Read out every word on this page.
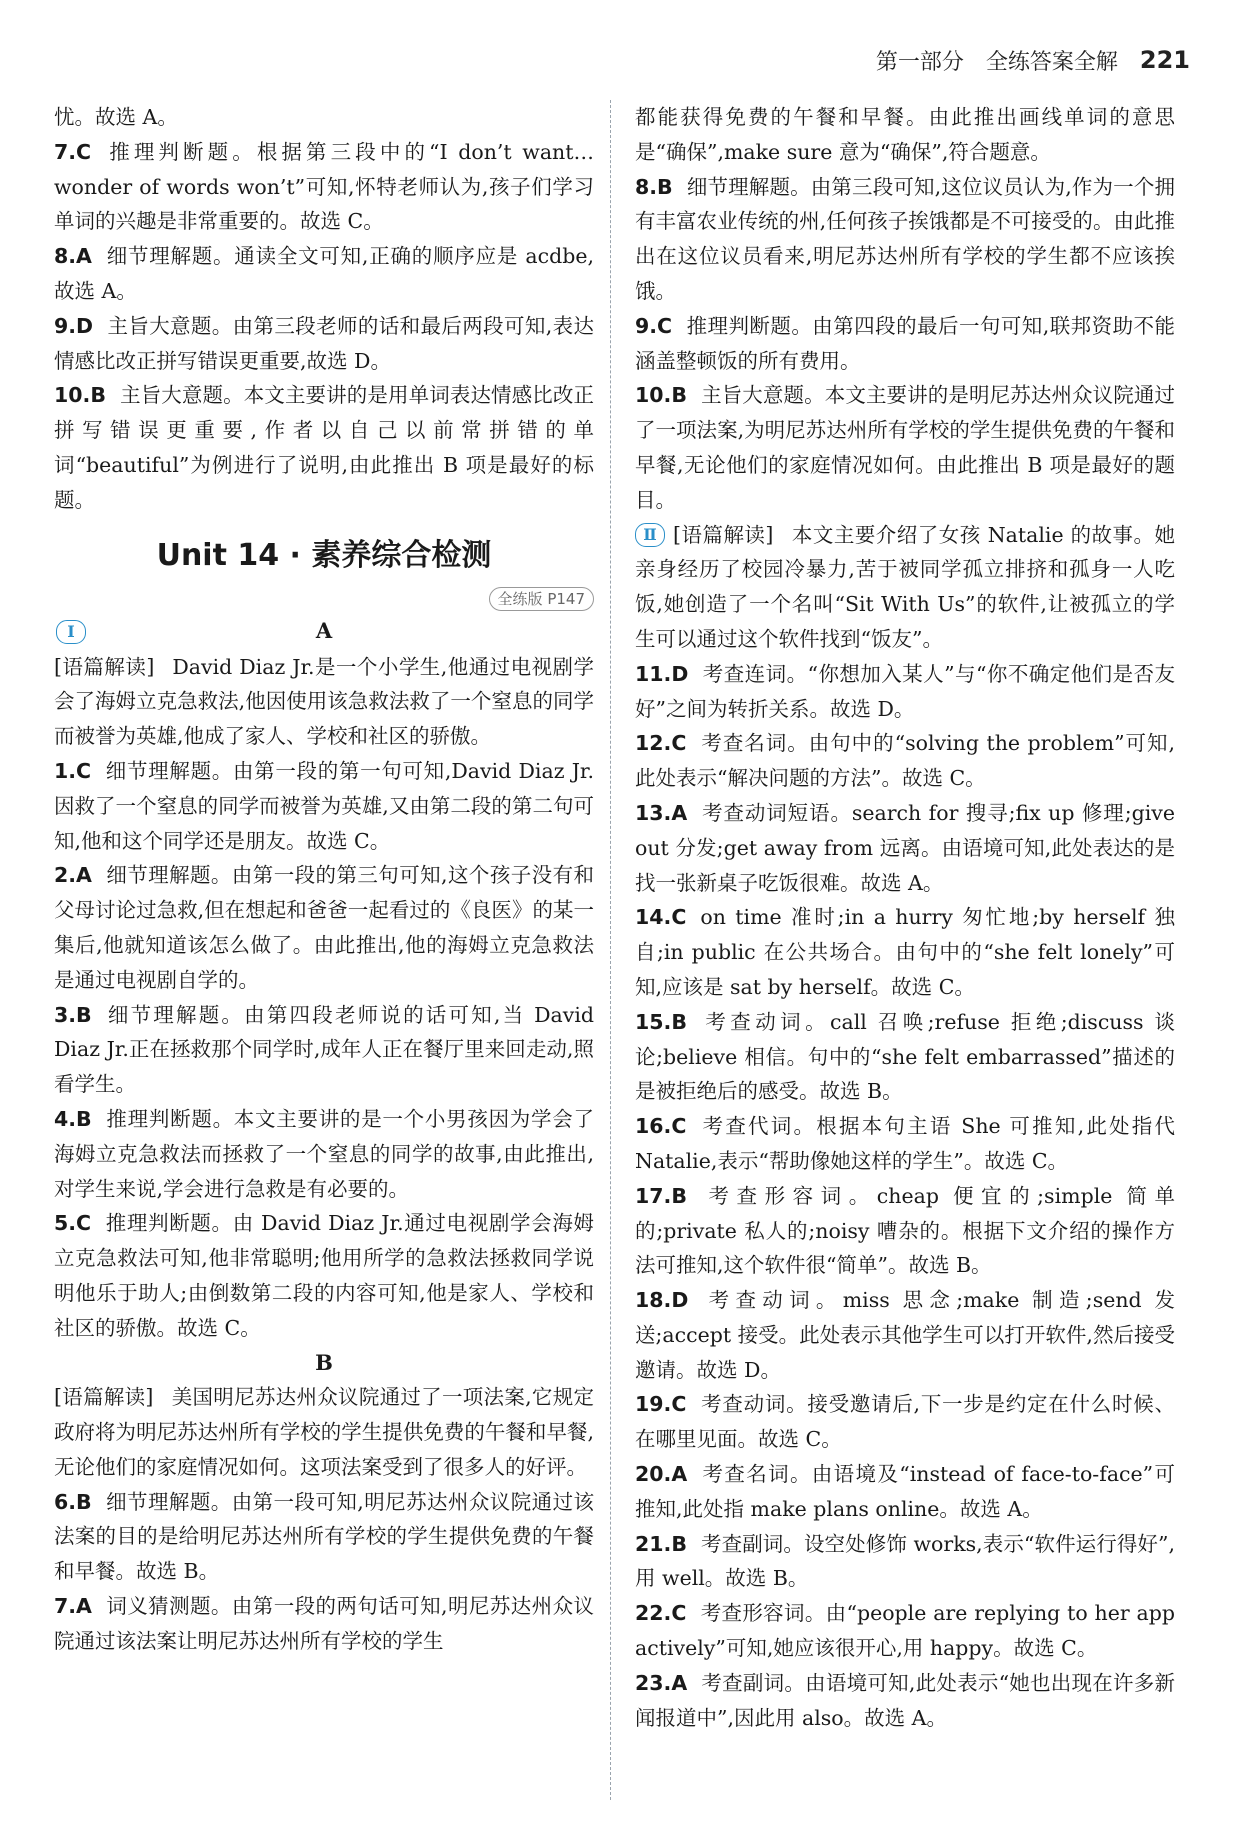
第一部分 全练答案全解 221
忧。故选 A。
7.C 推理判断题。根据第三段中的“I don’t want… wonder of words won’t”可知,怀特老师认为,孩子们学习单词的兴趣是非常重要的。故选 C。
8.A 细节理解题。通读全文可知,正确的顺序应是 acdbe,故选 A。
9.D 主旨大意题。由第三段老师的话和最后两段可知,表达情感比改正拼写错误更重要,故选 D。
10.B 主旨大意题。本文主要讲的是用单词表达情感比改正拼写错误更重要,作者以自己以前常拼错的单词“beautiful”为例进行了说明,由此推出 B 项是最好的标题。
Unit 14 · 素养综合检测
全练版 P147
Ⅰ	A
[语篇解读] David Diaz Jr.是一个小学生,他通过电视剧学会了海姆立克急救法,他因使用该急救法救了一个窒息的同学而被誉为英雄,他成了家人、学校和社区的骄傲。
1.C 细节理解题。由第一段的第一句可知,David Diaz Jr.因救了一个窒息的同学而被誉为英雄,又由第二段的第二句可知,他和这个同学还是朋友。故选 C。
2.A 细节理解题。由第一段的第三句可知,这个孩子没有和父母讨论过急救,但在想起和爸爸一起看过的《良医》的某一集后,他就知道该怎么做了。由此推出,他的海姆立克急救法是通过电视剧自学的。
3.B 细节理解题。由第四段老师说的话可知,当 David Diaz Jr.正在拯救那个同学时,成年人正在餐厅里来回走动,照看学生。
4.B 推理判断题。本文主要讲的是一个小男孩因为学会了海姆立克急救法而拯救了一个窒息的同学的故事,由此推出,对学生来说,学会进行急救是有必要的。
5.C 推理判断题。由 David Diaz Jr.通过电视剧学会海姆立克急救法可知,他非常聪明;他用所学的急救法拯救同学说明他乐于助人;由倒数第二段的内容可知,他是家人、学校和社区的骄傲。故选 C。
B
[语篇解读] 美国明尼苏达州众议院通过了一项法案,它规定政府将为明尼苏达州所有学校的学生提供免费的午餐和早餐,无论他们的家庭情况如何。这项法案受到了很多人的好评。
6.B 细节理解题。由第一段可知,明尼苏达州众议院通过该法案的目的是给明尼苏达州所有学校的学生提供免费的午餐和早餐。故选 B。
7.A 词义猜测题。由第一段的两句话可知,明尼苏达州众议院通过该法案让明尼苏达州所有学校的学生
都能获得免费的午餐和早餐。由此推出画线单词的意思是“确保”,make sure 意为“确保”,符合题意。
8.B 细节理解题。由第三段可知,这位议员认为,作为一个拥有丰富农业传统的州,任何孩子挨饿都是不可接受的。由此推出在这位议员看来,明尼苏达州所有学校的学生都不应该挨饿。
9.C 推理判断题。由第四段的最后一句可知,联邦资助不能涵盖整顿饭的所有费用。
10.B 主旨大意题。本文主要讲的是明尼苏达州众议院通过了一项法案,为明尼苏达州所有学校的学生提供免费的午餐和早餐,无论他们的家庭情况如何。由此推出 B 项是最好的题目。
Ⅱ [语篇解读] 本文主要介绍了女孩 Natalie 的故事。她亲身经历了校园冷暴力,苦于被同学孤立排挤和孤身一人吃饭,她创造了一个名叫“Sit With Us”的软件,让被孤立的学生可以通过这个软件找到“饭友”。
11.D 考查连词。“你想加入某人”与“你不确定他们是否友好”之间为转折关系。故选 D。
12.C 考查名词。由句中的“solving the problem”可知,此处表示“解决问题的方法”。故选 C。
13.A 考查动词短语。search for 搜寻;fix up 修理;give out 分发;get away from 远离。由语境可知,此处表达的是找一张新桌子吃饭很难。故选 A。
14.C on time 准时;in a hurry 匆忙地;by herself 独自;in public 在公共场合。由句中的“she felt lonely”可知,应该是 sat by herself。故选 C。
15.B 考查动词。call 召唤;refuse 拒绝;discuss 谈论;believe 相信。句中的“she felt embarrassed”描述的是被拒绝后的感受。故选 B。
16.C 考查代词。根据本句主语 She 可推知,此处指代 Natalie,表示“帮助像她这样的学生”。故选 C。
17.B 考查形容词。cheap 便宜的;simple 简单的;private 私人的;noisy 嘈杂的。根据下文介绍的操作方法可推知,这个软件很“简单”。故选 B。
18.D 考查动词。miss 思念;make 制造;send 发送;accept 接受。此处表示其他学生可以打开软件,然后接受邀请。故选 D。
19.C 考查动词。接受邀请后,下一步是约定在什么时候、在哪里见面。故选 C。
20.A 考查名词。由语境及“instead of face-to-face”可推知,此处指 make plans online。故选 A。
21.B 考查副词。设空处修饰 works,表示“软件运行得好”,用 well。故选 B。
22.C 考查形容词。由“people are replying to her app actively”可知,她应该很开心,用 happy。故选 C。
23.A 考查副词。由语境可知,此处表示“她也出现在许多新闻报道中”,因此用 also。故选 A。
